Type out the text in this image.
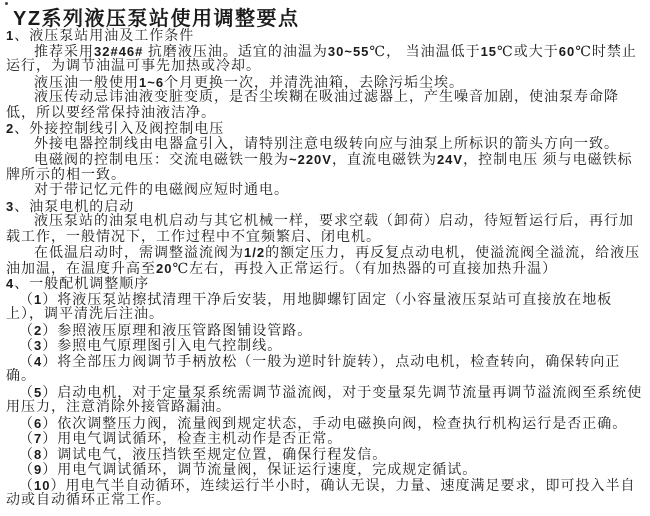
YZ系列液压泵站使用调整要点
1、液压泵站用油及工作条件
推荐采用32#46# 抗磨液压油。适宜的油温为30~55℃， 当油温低于15℃或大于60℃时禁止
运行，为调节油温可事先加热或冷却。
液压油一般使用1~6个月更换一次，并清洗油箱，去除污垢尘埃。
液压传动忌讳油液变脏变质，是否尘埃糊在吸油过滤器上，产生噪音加剧，使油泵寿命降
低，所以要经常保持油液洁净。
2、外接控制线引入及阀控制电压
外接电器控制线由电器盒引入，请特别注意电级转向应与油泵上所标识的箭头方向一致。
电磁阀的控制电压：交流电磁铁一般为~220V，直流电磁铁为24V，控制电压 须与电磁铁标
牌所示的相一致。
对于带记忆元件的电磁阀应短时通电。
3、油泵电机的启动
液压泵站的油泵电机启动与其它机械一样，要求空载（卸荷）启动，待短暂运行后，再行加
载工作，一般情况下，工作过程中不宜频繁启、闭电机。
在低温启动时，需调整溢流阀为1/2的额定压力，再反复点动电机，使溢流阀全溢流，给液压
油加温，在温度升高至20℃左右，再投入正常运行。（有加热器的可直接加热升温）
4、一般配机调整顺序
（1）将液压泵站擦拭清理干净后安装，用地脚螺钉固定（小容量液压泵站可直接放在地板
上），调平清洗后注油。
（2）参照液压原理和液压管路图铺设管路。
（3）参照电气原理图引入电气控制线。
（4）将全部压力阀调节手柄放松（一般为逆时针旋转），点动电机，检查转向，确保转向正
确。
（5）启动电机，对于定量泵系统需调节溢流阀，对于变量泵先调节流量再调节溢流阀至系统使
用压力，注意消除外接管路漏油。
（6）依次调整压力阀，流量阀到规定状态，手动电磁换向阀，检查执行机构运行是否正确。
（7）用电气调试循环，检查主机动作是否正常。
（8）调试电气，液压挡铁至规定位置，确保行程发信。
（9）用电气调试循环，调节流量阀，保证运行速度，完成规定循试。
（10）用电气半自动循环，连续运行半小时，确认无误，力量、速度满足要求，即可投入半自
动或自动循环正常工作。
